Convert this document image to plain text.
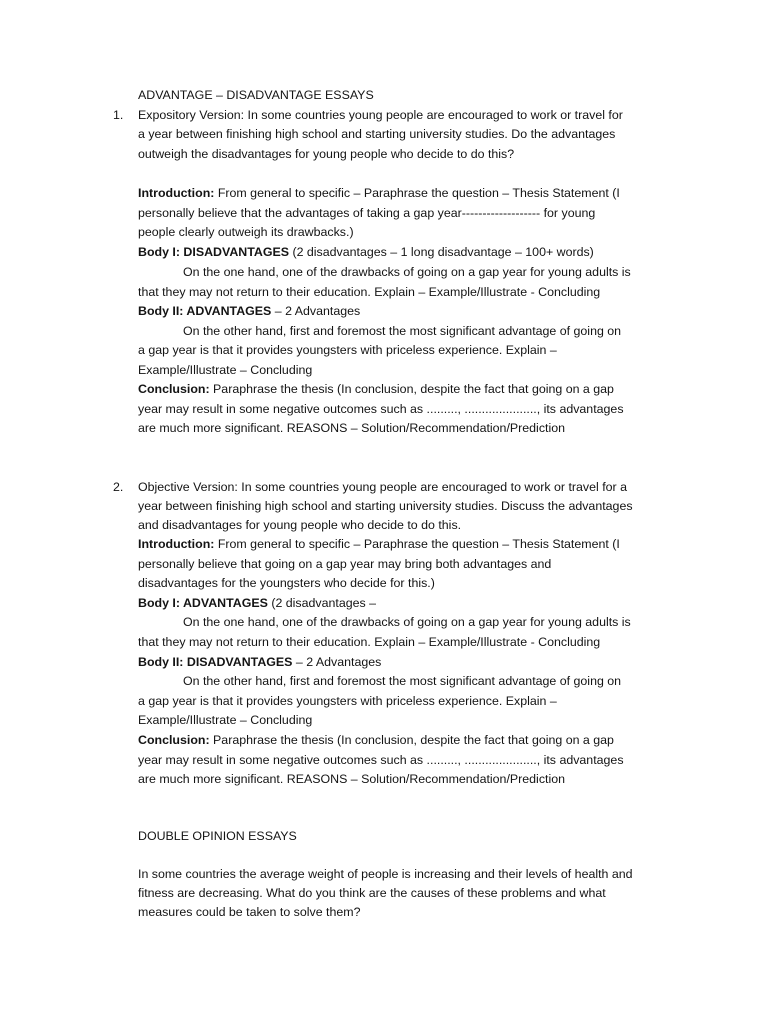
ADVANTAGE – DISADVANTAGE ESSAYS
1. Expository Version: In some countries young people are encouraged to work or travel for
a year between finishing high school and starting university studies. Do the advantages
outweigh the disadvantages for young people who decide to do this?
Introduction: From general to specific – Paraphrase the question – Thesis Statement (I
personally believe that the advantages of taking a gap year------------------- for young
people clearly outweigh its drawbacks.)
Body I: DISADVANTAGES (2 disadvantages – 1 long disadvantage – 100+ words)
On the one hand, one of the drawbacks of going on a gap year for young adults is
that they may not return to their education. Explain – Example/Illustrate - Concluding
Body II: ADVANTAGES – 2 Advantages
On the other hand, first and foremost the most significant advantage of going on
a gap year is that it provides youngsters with priceless experience. Explain –
Example/Illustrate – Concluding
Conclusion: Paraphrase the thesis (In conclusion, despite the fact that going on a gap
year may result in some negative outcomes such as ........., ....................., its advantages
are much more significant. REASONS – Solution/Recommendation/Prediction
2. Objective Version: In some countries young people are encouraged to work or travel for a
year between finishing high school and starting university studies. Discuss the advantages
and disadvantages for young people who decide to do this.
Introduction: From general to specific – Paraphrase the question – Thesis Statement (I
personally believe that going on a gap year may bring both advantages and
disadvantages for the youngsters who decide for this.)
Body I: ADVANTAGES (2 disadvantages –
On the one hand, one of the drawbacks of going on a gap year for young adults is
that they may not return to their education. Explain – Example/Illustrate - Concluding
Body II: DISADVANTAGES – 2 Advantages
On the other hand, first and foremost the most significant advantage of going on
a gap year is that it provides youngsters with priceless experience. Explain –
Example/Illustrate – Concluding
Conclusion: Paraphrase the thesis (In conclusion, despite the fact that going on a gap
year may result in some negative outcomes such as ........., ....................., its advantages
are much more significant. REASONS – Solution/Recommendation/Prediction
DOUBLE OPINION ESSAYS
In some countries the average weight of people is increasing and their levels of health and
fitness are decreasing. What do you think are the causes of these problems and what
measures could be taken to solve them?
